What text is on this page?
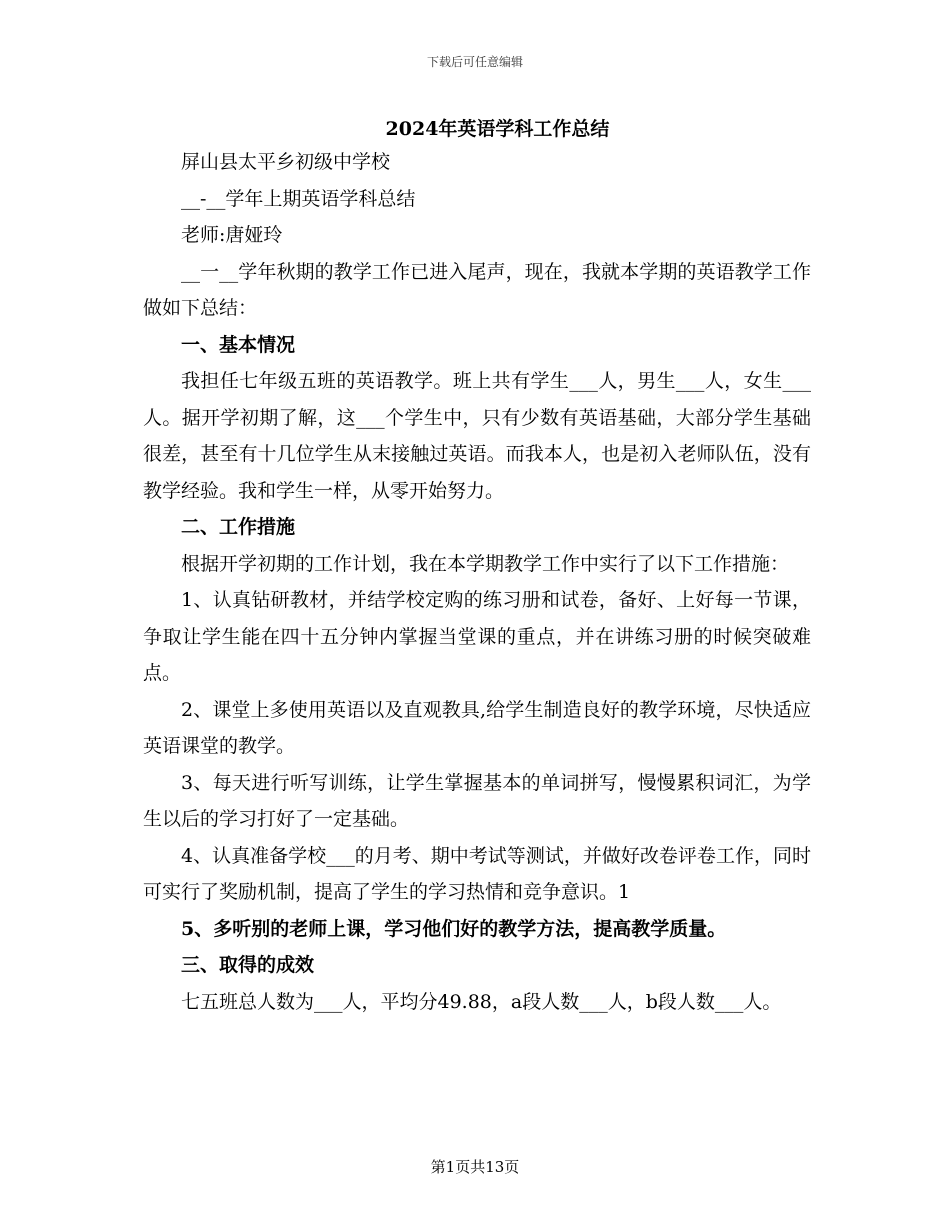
下载后可任意编辑
2024年英语学科工作总结

屏山县太平乡初级中学校

__-__学年上期英语学科总结

老师:唐娅玲

__一__学年秋期的教学工作已进入尾声，现在，我就本学期的英语教学工作做如下总结：

一、基本情况

我担任七年级五班的英语教学。班上共有学生___人，男生___人，女生___人。据开学初期了解，这___个学生中，只有少数有英语基础，大部分学生基础很差，甚至有十几位学生从末接触过英语。而我本人，也是初入老师队伍，没有教学经验。我和学生一样，从零开始努力。

二、工作措施

根据开学初期的工作计划，我在本学期教学工作中实行了以下工作措施：

1、认真钻研教材，并结学校定购的练习册和试卷，备好、上好每一节课，争取让学生能在四十五分钟内掌握当堂课的重点，并在讲练习册的时候突破难点。

2、课堂上多使用英语以及直观教具,给学生制造良好的教学环境，尽快适应英语课堂的教学。

3、每天进行听写训练，让学生掌握基本的单词拼写，慢慢累积词汇，为学生以后的学习打好了一定基础。

4、认真准备学校___的月考、期中考试等测试，并做好改卷评卷工作，同时可实行了奖励机制，提高了学生的学习热情和竞争意识。1

5、多听别的老师上课，学习他们好的教学方法，提高教学质量。

三、取得的成效

七五班总人数为___人，平均分49.88，a段人数___人，b段人数___人。

第1页共13页
